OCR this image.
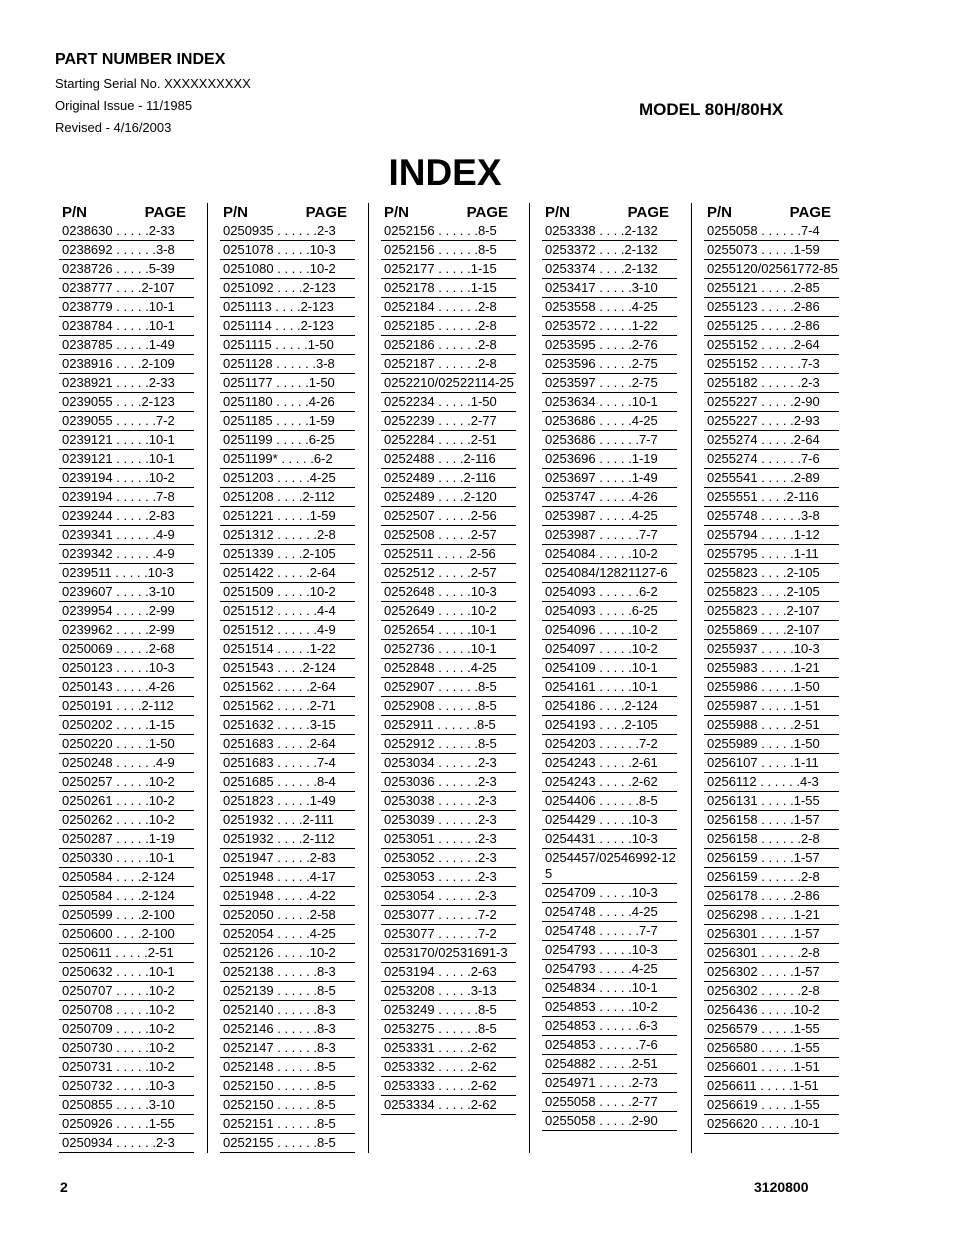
PART NUMBER INDEX
Starting Serial No. XXXXXXXXXX
Original Issue - 11/1985
Revised - 4/16/2003
MODEL 80H/80HX
INDEX
P/N	PAGE
0238630 . . . . .2-33
0238692 . . . . . .3-8
0238726 . . . . .5-39
0238777 . . . .2-107
0238779 . . . . .10-1
0238784 . . . . .10-1
0238785 . . . . .1-49
0238916 . . . .2-109
0238921 . . . . .2-33
0239055 . . . .2-123
0239055 . . . . . .7-2
0239121 . . . . .10-1
0239121 . . . . .10-1
0239194 . . . . .10-2
0239194 . . . . . .7-8
0239244 . . . . .2-83
0239341 . . . . . .4-9
0239342 . . . . . .4-9
0239511 . . . . .10-3
0239607 . . . . .3-10
0239954 . . . . .2-99
0239962 . . . . .2-99
0250069 . . . . .2-68
0250123 . . . . .10-3
0250143 . . . . .4-26
0250191 . . . .2-112
0250202 . . . . .1-15
0250220 . . . . .1-50
0250248 . . . . . .4-9
0250257 . . . . .10-2
0250261 . . . . .10-2
0250262 . . . . .10-2
0250287 . . . . .1-19
0250330 . . . . .10-1
0250584 . . . .2-124
0250584 . . . .2-124
0250599 . . . .2-100
0250600 . . . .2-100
0250611 . . . . .2-51
0250632 . . . . .10-1
0250707 . . . . .10-2
0250708 . . . . .10-2
0250709 . . . . .10-2
0250730 . . . . .10-2
0250731 . . . . .10-2
0250732 . . . . .10-3
0250855 . . . . .3-10
0250926 . . . . .1-55
0250934 . . . . . .2-3
P/N	PAGE
0250935 . . . . . .2-3
0251078 . . . . .10-3
0251080 . . . . .10-2
0251092 . . . .2-123
0251113 . . . .2-123
0251114 . . . .2-123
0251115 . . . . .1-50
0251128 . . . . . .3-8
0251177 . . . . .1-50
0251180 . . . . .4-26
0251185 . . . . .1-59
0251199 . . . . .6-25
0251199* . . . . .6-2
0251203 . . . . .4-25
0251208 . . . .2-112
0251221 . . . . .1-59
0251312 . . . . . .2-8
0251339 . . . .2-105
0251422 . . . . .2-64
0251509 . . . . .10-2
0251512 . . . . . .4-4
0251512 . . . . . .4-9
0251514 . . . . .1-22
0251543 . . . .2-124
0251562 . . . . .2-64
0251562 . . . . .2-71
0251632 . . . . .3-15
0251683 . . . . .2-64
0251683 . . . . . .7-4
0251685 . . . . . .8-4
0251823 . . . . .1-49
0251932 . . . .2-111
0251932 . . . .2-112
0251947 . . . . .2-83
0251948 . . . . .4-17
0251948 . . . . .4-22
0252050 . . . . .2-58
0252054 . . . . .4-25
0252126 . . . . .10-2
0252138 . . . . . .8-3
0252139 . . . . . .8-5
0252140 . . . . . .8-3
0252146 . . . . . .8-3
0252147 . . . . . .8-3
0252148 . . . . . .8-5
0252150 . . . . . .8-5
0252150 . . . . . .8-5
0252151 . . . . . .8-5
0252155 . . . . . .8-5
P/N	PAGE
0252156 . . . . . .8-5
0252156 . . . . . .8-5
0252177 . . . . .1-15
0252178 . . . . .1-15
0252184 . . . . . .2-8
0252185 . . . . . .2-8
0252186 . . . . . .2-8
0252187 . . . . . .2-8
0252210/02522114-25
0252234 . . . . .1-50
0252239 . . . . .2-77
0252284 . . . . .2-51
0252488 . . . .2-116
0252489 . . . .2-116
0252489 . . . .2-120
0252507 . . . . .2-56
0252508 . . . . .2-57
0252511 . . . . .2-56
0252512 . . . . .2-57
0252648 . . . . .10-3
0252649 . . . . .10-2
0252654 . . . . .10-1
0252736 . . . . .10-1
0252848 . . . . .4-25
0252907 . . . . . .8-5
0252908 . . . . . .8-5
0252911 . . . . . .8-5
0252912 . . . . . .8-5
0253034 . . . . . .2-3
0253036 . . . . . .2-3
0253038 . . . . . .2-3
0253039 . . . . . .2-3
0253051 . . . . . .2-3
0253052 . . . . . .2-3
0253053 . . . . . .2-3
0253054 . . . . . .2-3
0253077 . . . . . .7-2
0253077 . . . . . .7-2
0253170/02531691-3
0253194 . . . . .2-63
0253208 . . . . .3-13
0253249 . . . . . .8-5
0253275 . . . . . .8-5
0253331 . . . . .2-62
0253332 . . . . .2-62
0253333 . . . . .2-62
0253334 . . . . .2-62
P/N	PAGE
0253338 . . . .2-132
0253372 . . . .2-132
0253374 . . . .2-132
0253417 . . . . .3-10
0253558 . . . . .4-25
0253572 . . . . .1-22
0253595 . . . . .2-76
0253596 . . . . .2-75
0253597 . . . . .2-75
0253634 . . . . .10-1
0253686 . . . . .4-25
0253686 . . . . . .7-7
0253696 . . . . .1-19
0253697 . . . . .1-49
0253747 . . . . .4-26
0253987 . . . . .4-25
0253987 . . . . . .7-7
0254084 . . . . .10-2
0254084/12821127-6
0254093 . . . . . .6-2
0254093 . . . . .6-25
0254096 . . . . .10-2
0254097 . . . . .10-2
0254109 . . . . .10-1
0254161 . . . . .10-1
0254186 . . . .2-124
0254193 . . . .2-105
0254203 . . . . . .7-2
0254243 . . . . .2-61
0254243 . . . . .2-62
0254406 . . . . . .8-5
0254429 . . . . .10-3
0254431 . . . . .10-3
0254457/02546992-125
0254709 . . . . .10-3
0254748 . . . . .4-25
0254748 . . . . . .7-7
0254793 . . . . .10-3
0254793 . . . . .4-25
0254834 . . . . .10-1
0254853 . . . . .10-2
0254853 . . . . . .6-3
0254853 . . . . . .7-6
0254882 . . . . .2-51
0254971 . . . . .2-73
0255058 . . . . .2-77
0255058 . . . . .2-90
P/N	PAGE
0255058 . . . . . .7-4
0255073 . . . . .1-59
0255120/02561772-85
0255121 . . . . .2-85
0255123 . . . . .2-86
0255125 . . . . .2-86
0255152 . . . . .2-64
0255152 . . . . . .7-3
0255182 . . . . . .2-3
0255227 . . . . .2-90
0255227 . . . . .2-93
0255274 . . . . .2-64
0255274 . . . . . .7-6
0255541 . . . . .2-89
0255551 . . . .2-116
0255748 . . . . . .3-8
0255794 . . . . .1-12
0255795 . . . . .1-11
0255823 . . . .2-105
0255823 . . . .2-105
0255823 . . . .2-107
0255869 . . . .2-107
0255937 . . . . .10-3
0255983 . . . . .1-21
0255986 . . . . .1-50
0255987 . . . . .1-51
0255988 . . . . .2-51
0255989 . . . . .1-50
0256107 . . . . .1-11
0256112 . . . . . .4-3
0256131 . . . . .1-55
0256158 . . . . .1-57
0256158 . . . . . .2-8
0256159 . . . . .1-57
0256159 . . . . . .2-8
0256178 . . . . .2-86
0256298 . . . . .1-21
0256301 . . . . .1-57
0256301 . . . . . .2-8
0256302 . . . . .1-57
0256302 . . . . . .2-8
0256436 . . . . .10-2
0256579 . . . . .1-55
0256580 . . . . .1-55
0256601 . . . . .1-51
0256611 . . . . .1-51
0256619 . . . . .1-55
0256620 . . . . .10-1
2	3120800
